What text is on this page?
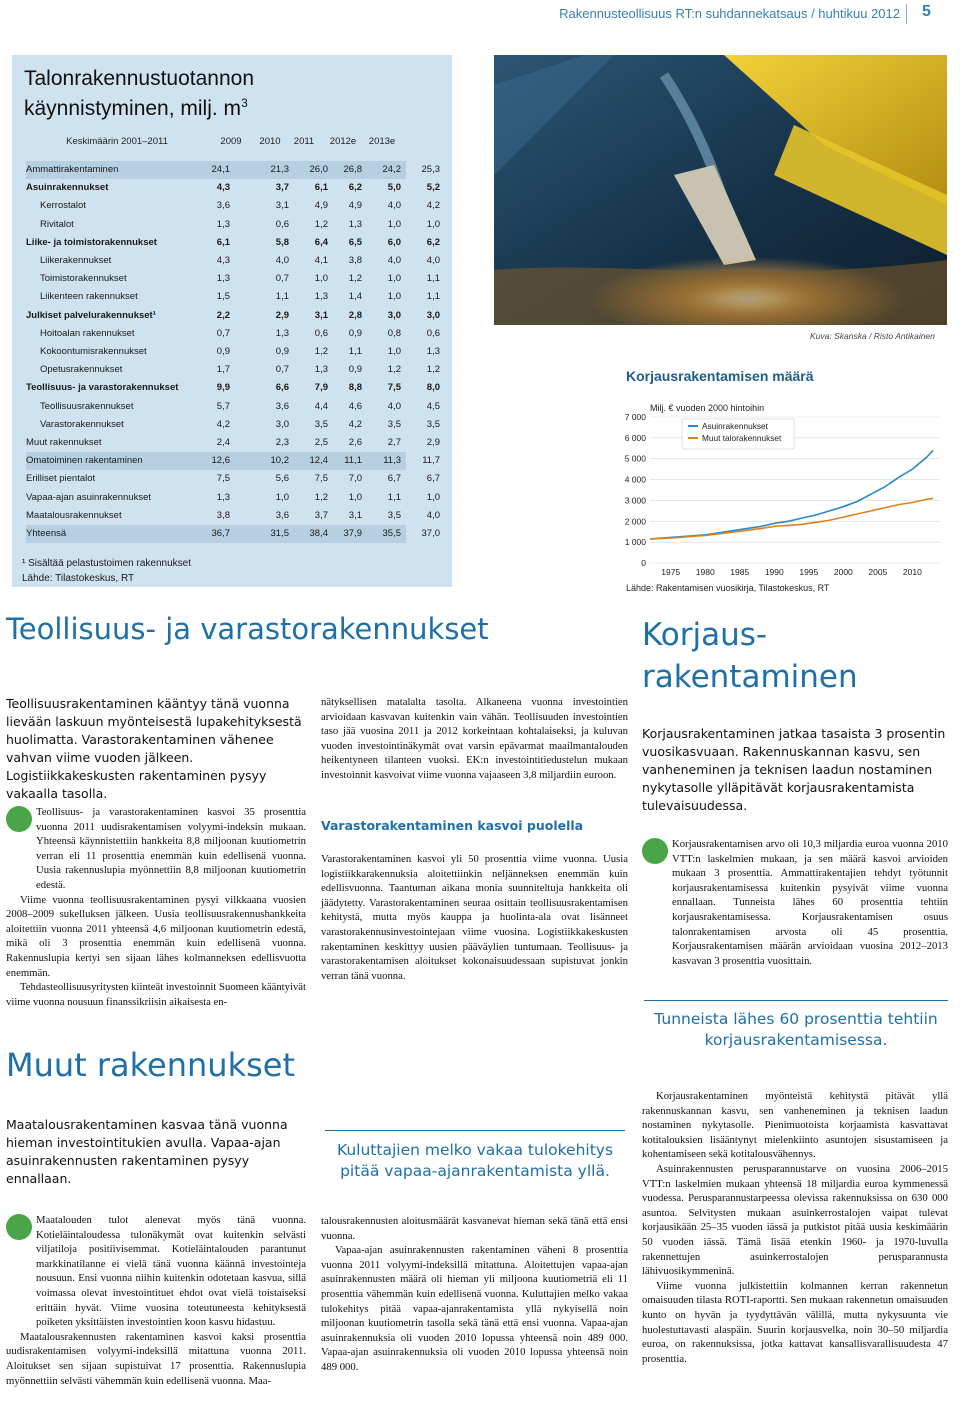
Rakennusteollisuus RT:n suhdannekatsaus / huhtikuu 2012 5
Talonrakennustuotannon
käynnistyminen, milj. $m^3$
Keskimäärin 2001–2011	2009	2010	2011	2012e	2013e
Ammattirakentaminen	24,1	21,3	26,0	26,8	24,2	25,3
Asuinrakennukset	4,3	3,7	6,1	6,2	5,0	5,2
Kerrostalot	3,6	3,1	4,9	4,9	4,0	4,2
Rivitalot	1,3	0,6	1,2	1,3	1,0	1,0
Liike- ja toimistorakennukset	6,1	5,8	6,4	6,5	6,0	6,2
Liikerakennukset	4,3	4,0	4,1	3,8	4,0	4,0
Toimistorakennukset	1,3	0,7	1,0	1,2	1,0	1,1
Liikenteen rakennukset	1,5	1,1	1,3	1,4	1,0	1,1
Julkiset palvelurakennukset¹	2,2	2,9	3,1	2,8	3,0	3,0
Hoitoalan rakennukset	0,7	1,3	0,6	0,9	0,8	0,6
Kokoontumisrakennukset	0,9	0,9	1,2	1,1	1,0	1,3
Opetusrakennukset	1,7	0,7	1,3	0,9	1,2	1,2
Teollisuus- ja varastorakennukset	9,9	6,6	7,9	8,8	7,5	8,0
Teollisuusrakennukset	5,7	3,6	4,4	4,6	4,0	4,5
Varastorakennukset	4,2	3,0	3,5	4,2	3,5	3,5
Muut rakennukset	2,4	2,3	2,5	2,6	2,7	2,9
Omatoiminen rakentaminen	12,6	10,2	12,4	11,1	11,3	11,7
Erilliset pientalot	7,5	5,6	7,5	7,0	6,7	6,7
Vapaa-ajan asuinrakennukset	1,3	1,0	1,2	1,0	1,1	1,0
Maatalousrakennukset	3,8	3,6	3,7	3,1	3,5	4,0
Yhteensä	36,7	31,5	38,4	37,9	35,5	37,0
¹ Sisältää pelastustoimen rakennukset
Lähde: Tilastokeskus, RT
Kuva: Skanska / Risto Antikainen
Korjausrakentamisen määrä
0
1 000
2 000
3 000
4 000
5 000
6 000
7 000
1975 1980 1985 1990 1995 2000 2005 2010
Milj. € vuoden 2000 hintoihin
Asuinrakennukset
Muut talorakennukset
Lähde: Rakentamisen vuosikirja, Tilastokeskus, RT
Teollisuus- ja varastorakennukset
Teollisuusrakentaminen kääntyy tänä vuonna lievään laskuun myönteisestä lupakehityksestä huolimatta. Varastorakentaminen vähenee vahvan viime vuoden jälkeen. Logistiikkakeskusten rakentaminen pysyy vakaalla tasolla.

Teollisuus- ja varastorakentaminen kasvoi 35 prosenttia vuonna 2011 uudisrakentamisen volyymi-indeksin mukaan. Yhteensä käynnistettiin hankkeita 8,8 miljoonan kuutiometrin verran eli 11 prosenttia enemmän kuin edellisenä vuonna. Uusia rakennuslupia myönnettiin 8,8 miljoonan kuutiometrin edestä.

Viime vuonna teollisuusrakentaminen pysyi vilkkaana vuosien 2008–2009 sukelluksen jälkeen. Uusia teollisuusrakennushankkeita aloitettiin vuonna 2011 yhteensä 4,6 miljoonan kuutiometrin edestä, mikä oli 3 prosenttia enemmän kuin edellisenä vuonna. Rakennuslupia kertyi sen sijaan lähes kolmanneksen edellisvuotta enemmän.

Tehdasteollisuusyritysten kiinteät investoinnit Suomeen kääntyivät viime vuonna nousuun finanssikriisin aikaisesta en-

nätyksellisen matalalta tasolta. Alkaneena vuonna investointien arvioidaan kasvavan kuitenkin vain vähän. Teollisuuden investointien taso jää vuosina 2011 ja 2012 korkeintaan kohtalaiseksi, ja kuluvan vuoden investointinäkymät ovat varsin epävarmat maailmantalouden heikentyneen tilanteen vuoksi. EK:n investointitiedustelun mukaan investoinnit kasvoivat viime vuonna vajaaseen 3,8 miljardiin euroon.

Varastorakentaminen kasvoi puolella

Varastorakentaminen kasvoi yli 50 prosenttia viime vuonna. Uusia logistiikkarakennuksia aloitettiinkin neljänneksen enemmän kuin edellisvuonna. Taantuman aikana monia suunniteltuja hankkeita oli jäädytetty. Varastorakentaminen seuraa osittain teollisuusrakentamisen kehitystä, mutta myös kauppa ja huolinta-ala ovat lisänneet varastorakennusinvestointejaan viime vuosina. Logistiikkakeskusten rakentaminen keskittyy uusien pääväylien tuntumaan. Teollisuus- ja varastorakentamisen aloitukset kokonaisuudessaan supistuvat jonkin verran tänä vuonna.

Muut rakennukset
Maatalousrakentaminen kasvaa tänä vuonna hieman investointitukien avulla. Vapaa-ajan asuinrakennusten rakentaminen pysyy ennallaan.

Maatalouden tulot alenevat myös tänä vuonna. Kotieläintaloudessa tulonäkymät ovat kuitenkin selvästi viljatiloja positiivisemmat. Kotieläintalouden parantunut markkinatilanne ei vielä tänä vuonna käännä investointeja nousuun. Ensi vuonna niihin kuitenkin odotetaan kasvua, sillä voimassa olevat investointituet ehdot ovat vielä toistaiseksi erittäin hyvät. Viime vuosina toteutuneesta kehityksestä poiketen yksittäisten investointien koon kasvu hidastuu.

Maatalousrakennusten rakentaminen kasvoi kaksi prosenttia uudisrakentamisen volyymi-indeksillä mitattuna vuonna 2011. Aloitukset sen sijaan supistuivat 17 prosenttia. Rakennuslupia myönnettiin selvästi vähemmän kuin edellisenä vuonna. Maa-

Kuluttajien melko vakaa tulokehitys pitää vapaa-ajanrakentamista yllä.

talousrakennusten aloitusmäärät kasvanevat hieman sekä tänä että ensi vuonna.

Vapaa-ajan asuinrakennusten rakentaminen väheni 8 prosenttia vuonna 2011 volyymi-indeksillä mitattuna. Aloitettujen vapaa-ajan asuinrakennusten määrä oli hieman yli miljoona kuutiometriä eli 11 prosenttia vähemmän kuin edellisenä vuonna. Kuluttajien melko vakaa tulokehitys pitää vapaa-ajanrakentamista yllä nykyisellä noin miljoonan kuutiometrin tasolla sekä tänä että ensi vuonna. Vapaa-ajan asuinrakennuksia oli vuoden 2010 lopussa yhteensä noin 489 000. Vapaa-ajan asuinrakennuksia oli vuoden 2010 lopussa yhteensä noin 489 000.

Korjaus-
rakentaminen
Korjausrakentaminen jatkaa tasaista 3 prosentin vuosikasvuaan. Rakennuskannan kasvu, sen vanheneminen ja teknisen laadun nostaminen nykytasolle ylläpitävät korjausrakentamista tulevaisuudessa.

Korjausrakentamisen arvo oli 10,3 miljardia euroa vuonna 2010 VTT:n laskelmien mukaan, ja sen määrä kasvoi arvioiden mukaan 3 prosenttia. Ammattirakentajien tehdyt työtunnit korjausrakentamisessa kuitenkin pysyivät viime vuonna ennallaan. Tunneista lähes 60 prosenttia tehtiin korjausrakentamisessa. Korjausrakentamisen osuus talonrakentamisen arvosta oli 45 prosenttia. Korjausrakentamisen määrän arvioidaan vuosina 2012–2013 kasvavan 3 prosenttia vuosittain.

Tunneista lähes 60 prosenttia tehtiin korjausrakentamisessa.

Korjausrakentaminen myönteistä kehitystä pitävät yllä rakennuskannan kasvu, sen vanheneminen ja teknisen laadun nostaminen nykytasolle. Pienimuotoista korjaamista kasvattavat kotitalouksien lisääntynyt mielenkiinto asuntojen sisustamiseen ja kohentamiseen sekä kotitalousvähennys.

Asuinrakennusten perusparannustarve on vuosina 2006–2015 VTT:n laskelmien mukaan yhteensä 18 miljardia euroa kymmenessä vuodessa. Perusparannustarpeessa olevissa rakennuksissa on 630 000 asuntoa. Selvitysten mukaan asuinkerrostalojen vaipat tulevat korjausikään 25–35 vuoden iässä ja putkistot pitää uusia keskimäärin 50 vuoden iässä. Tämä lisää etenkin 1960- ja 1970-luvulla rakennettujen asuinkerrostalojen perusparannusta lähivuosikymmeninä.

Viime vuonna julkistettiin kolmannen kerran rakennetun omaisuuden tilasta ROTI-raportti. Sen mukaan rakennetun omaisuuden kunto on hyvän ja tyydyttävän välillä, mutta nykysuunta vie huolestuttavasti alaspäin. Suurin korjausvelka, noin 30–50 miljardia euroa, on rakennuksissa, jotka kattavat kansallisvarallisuudesta 47 prosenttia.
